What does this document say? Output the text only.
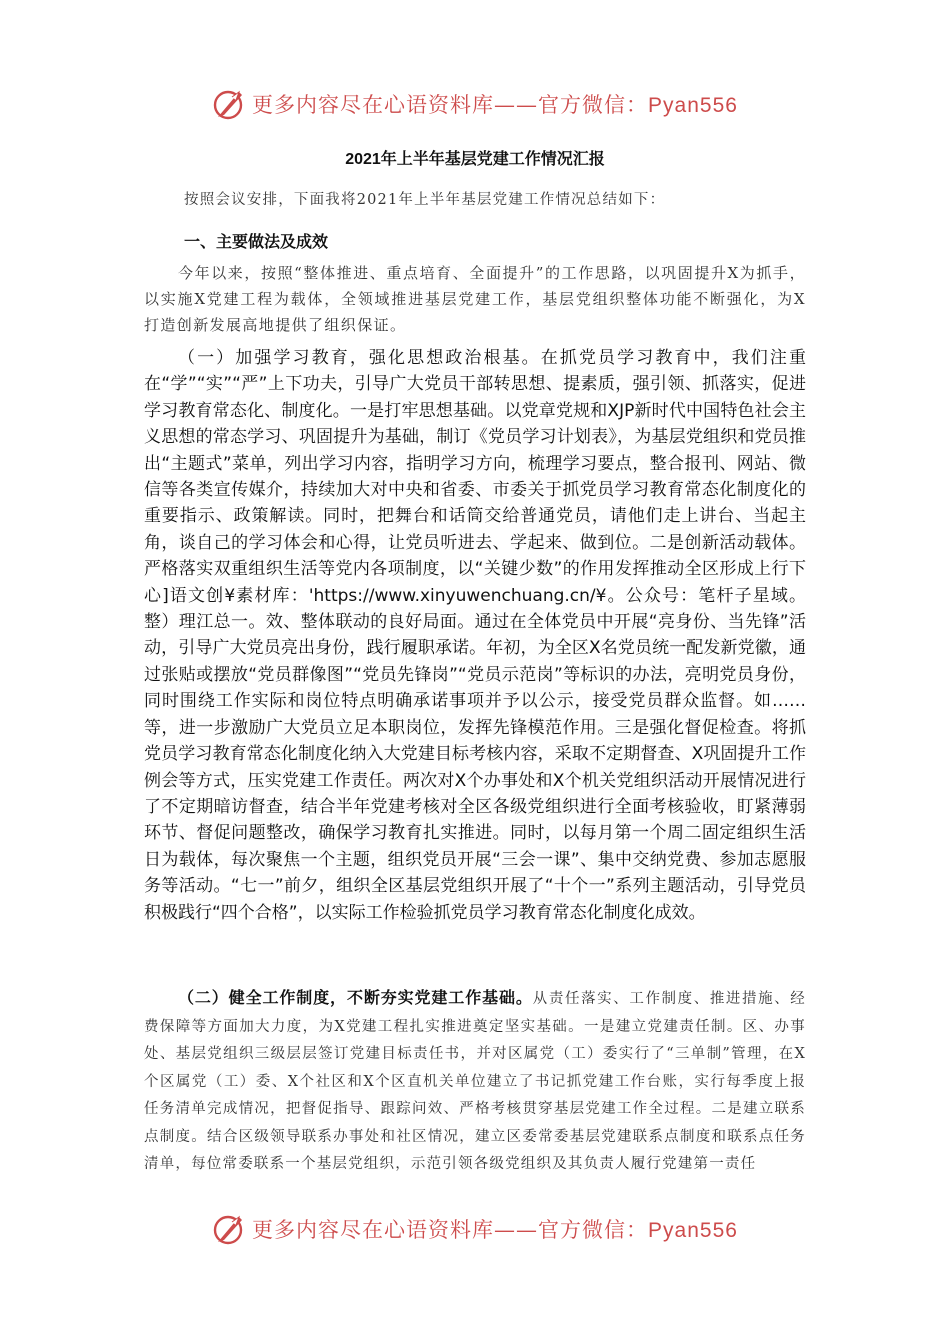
更多内容尽在心语资料库——官方微信：Pyan556
2021年上半年基层党建工作情况汇报
按照会议安排，下面我将2021年上半年基层党建工作情况总结如下：
一、主要做法及成效

今年以来，按照“整体推进、重点培育、全面提升”的工作思路，以巩固提升X为抓手，以实施X党建工程为载体，全领域推进基层党建工作，基层党组织整体功能不断强化，为X打造创新发展高地提供了组织保证。

（一）加强学习教育，强化思想政治根基。在抓党员学习教育中，我们注重在“学”“实”“严”上下功夫，引导广大党员干部转思想、提素质，强引领、抓落实，促进学习教育常态化、制度化。一是打牢思想基础。以党章党规和XJP新时代中国特色社会主义思想的常态学习、巩固提升为基础，制订《党员学习计划表》，为基层党组织和党员推出“主题式”菜单，列出学习内容，指明学习方向，梳理学习要点，整合报刊、网站、微信等各类宣传媒介，持续加大对中央和省委、市委关于抓党员学习教育常态化制度化的重要指示、政策解读。同时，把舞台和话筒交给普通党员，请他们走上讲台、当起主角，谈自己的学习体会和心得，让党员听进去、学起来、做到位。二是创新活动载体。严格落实双重组织生活等党内各项制度，以“关键少数”的作用发挥推动全区形成上行下心]语文创¥素材库：'https://www.xinyuwenchuang.cn/¥。公众号：笔杆子星域。整）理江总一。效、整体联动的良好局面。通过在全体党员中开展“亮身份、当先锋”活动，引导广大党员亮出身份，践行履职承诺。年初，为全区X名党员统一配发新党徽，通过张贴或摆放“党员群像图”“党员先锋岗”“党员示范岗”等标识的办法，亮明党员身份，同时围绕工作实际和岗位特点明确承诺事项并予以公示，接受党员群众监督。如……等，进一步激励广大党员立足本职岗位，发挥先锋模范作用。三是强化督促检查。将抓党员学习教育常态化制度化纳入大党建目标考核内容，采取不定期督查、X巩固提升工作例会等方式，压实党建工作责任。两次对X个办事处和X个机关党组织活动开展情况进行了不定期暗访督查，结合半年党建考核对全区各级党组织进行全面考核验收，盯紧薄弱环节、督促问题整改，确保学习教育扎实推进。同时，以每月第一个周二固定组织生活日为载体，每次聚焦一个主题，组织党员开展“三会一课”、集中交纳党费、参加志愿服务等活动。“七一”前夕，组织全区基层党组织开展了“十个一”系列主题活动，引导党员积极践行“四个合格”，以实际工作检验抓党员学习教育常态化制度化成效。

（二）健全工作制度，不断夯实党建工作基础。从责任落实、工作制度、推进措施、经费保障等方面加大力度，为X党建工程扎实推进奠定坚实基础。一是建立党建责任制。区、办事处、基层党组织三级层层签订党建目标责任书，并对区属党（工）委实行了“三单制”管理，在X个区属党（工）委、X个社区和X个区直机关单位建立了书记抓党建工作台账，实行每季度上报任务清单完成情况，把督促指导、跟踪问效、严格考核贯穿基层党建工作全过程。二是建立联系点制度。结合区级领导联系办事处和社区情况，建立区委常委基层党建联系点制度和联系点任务清单，每位常委联系一个基层党组织，示范引领各级党组织及其负责人履行党建第一责任

更多内容尽在心语资料库——官方微信：Pyan556
